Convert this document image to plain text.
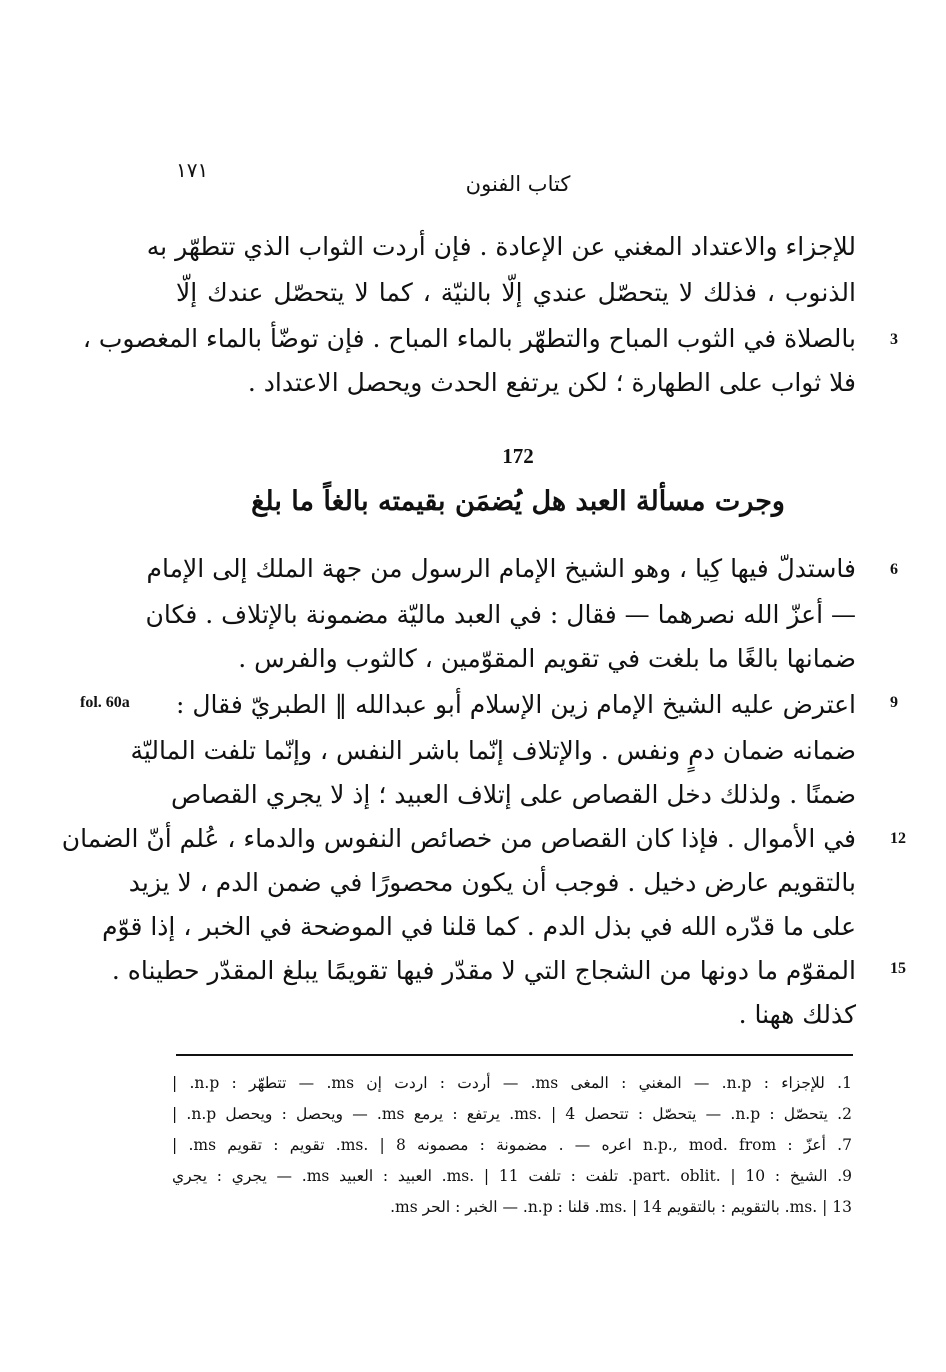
١٧١
كتاب الفنون
للإجزاء والاعتداد المغني عن الإعادة . فإن أردت الثواب الذي تتطهّر به
الذنوب ، فذلك لا يتحصّل عندي إلّا بالنيّة ، كما لا يتحصّل عندك إلّا
بالصلاة في الثوب المباح والتطهّر بالماء المباح . فإن توضّأ بالماء المغصوب ،
فلا ثواب على الطهارة ؛ لكن يرتفع الحدث ويحصل الاعتداد .
3
172
وجرت مسألة العبد هل يُضمَن بقيمته بالغاً ما بلغ
فاستدلّ فيها كِيا ، وهو الشيخ الإمام الرسول من جهة الملك إلى الإمام
— أعزّ الله نصرهما — فقال : في العبد ماليّة مضمونة بالإتلاف . فكان
ضمانها بالغًا ما بلغت في تقويم المقوّمين ، كالثوب والفرس .
6
fol. 60a اعترض عليه الشيخ الإمام زين الإسلام أبو عبدالله ‖ الطبريّ فقال :
ضمانه ضمان دمٍ ونفس . والإتلاف إنّما باشر النفس ، وإنّما تلفت الماليّة
ضمنًا . ولذلك دخل القصاص على إتلاف العبيد ؛ إذ لا يجري القصاص
في الأموال . فإذا كان القصاص من خصائص النفوس والدماء ، عُلم أنّ الضمان
بالتقويم عارض دخيل . فوجب أن يكون محصورًا في ضمن الدم ، لا يزيد
على ما قدّره الله في بذل الدم . كما قلنا في الموضحة في الخبر ، إذا قوّم
المقوّم ما دونها من الشجاج التي لا مقدّر فيها تقويمًا يبلغ المقدّر حطيناه .
كذلك ههنا .
9
12
15
1. للإجزاء : n.p. — المغني : المغى ms. — أردت : اردت إن ms. — تتطهّر : n.p. |
2. يتحصّل : n.p. — يتحصّل : تتحصل ms. | 4. يرتفع : يرمع ms. — ويحصل : ويحصل n.p. |
7. أعزّ : n.p., mod. from اعره — . مضمونة : مصمونه ms. | 8. تقويم : تقويم ms. |
9. الشيخ : part. oblit. | 10. تلفت : تلفت ms. | 11. العبيد : العبيد ms. — يجري : يجري
ms. | 13. بالتقويم : بالتقويم ms. | 14. قلنا : n.p. — الخبر : الحر ms.
